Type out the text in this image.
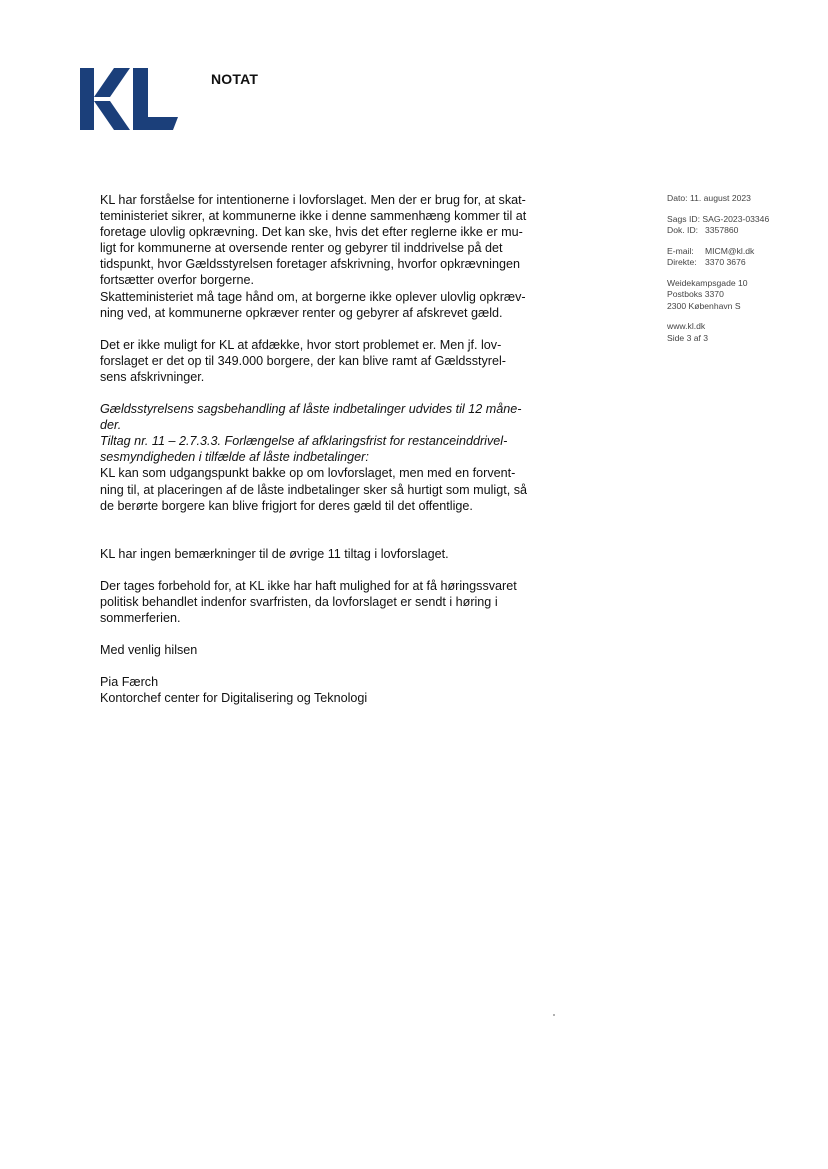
NOTAT
Dato: 11. august 2023
Sags ID: SAG-2023-03346
Dok. ID: 3357860
E-mail: MICM@kl.dk
Direkte: 3370 3676
Weidekampsgade 10
Postboks 3370
2300 København S
www.kl.dk
Side 3 af 3

KL har forståelse for intentionerne i lovforslaget. Men der er brug for, at skat-
teministeriet sikrer, at kommunerne ikke i denne sammenhæng kommer til at
foretage ulovlig opkrævning. Det kan ske, hvis det efter reglerne ikke er mu-
ligt for kommunerne at oversende renter og gebyrer til inddrivelse på det
tidspunkt, hvor Gældsstyrelsen foretager afskrivning, hvorfor opkrævningen
fortsætter overfor borgerne.
Skatteministeriet må tage hånd om, at borgerne ikke oplever ulovlig opkræv-
ning ved, at kommunerne opkræver renter og gebyrer af afskrevet gæld.

Det er ikke muligt for KL at afdække, hvor stort problemet er. Men jf. lov-
forslaget er det op til 349.000 borgere, der kan blive ramt af Gældsstyrel-
sens afskrivninger.

Gældsstyrelsens sagsbehandling af låste indbetalinger udvides til 12 måne-
der.
Tiltag nr. 11 – 2.7.3.3. Forlængelse af afklaringsfrist for restanceinddrivel-
sesmyndigheden i tilfælde af låste indbetalinger:
KL kan som udgangspunkt bakke op om lovforslaget, men med en forvent-
ning til, at placeringen af de låste indbetalinger sker så hurtigt som muligt, så
de berørte borgere kan blive frigjort for deres gæld til det offentlige.

KL har ingen bemærkninger til de øvrige 11 tiltag i lovforslaget.

Der tages forbehold for, at KL ikke har haft mulighed for at få høringssvaret
politisk behandlet indenfor svarfristen, da lovforslaget er sendt i høring i
sommerferien.

Med venlig hilsen

Pia Færch
Kontorchef center for Digitalisering og Teknologi
